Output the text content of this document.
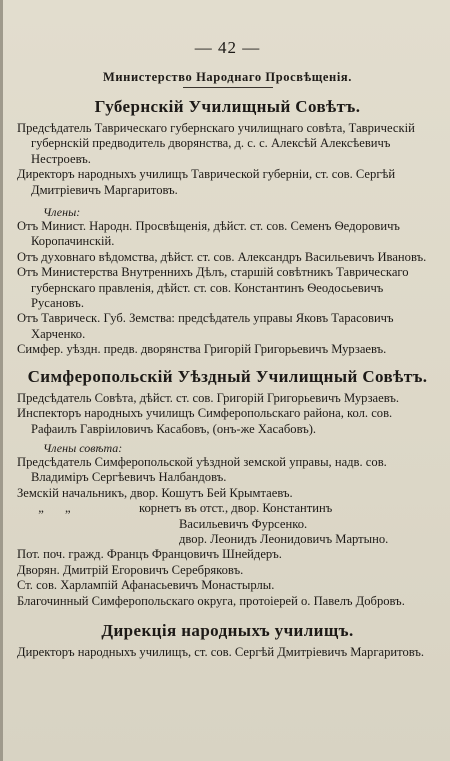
— 42 —
Министерство Народнаго Просвѣщенія.
Губернскій Училищный Совѣтъ.

Предсѣдатель Таврическаго губернскаго училищнаго совѣта, Таврическій губернскій предводитель дворянства, д. с. с. Алексѣй Алексѣевичъ Нестроевъ.

Директоръ народныхъ училищъ Таврической губерніи, ст. сов. Сергѣй Дмитріевичъ Маргаритовъ.

Члены:

Отъ Минист. Народн. Просвѣщенія, дѣйст. ст. сов. Семенъ Ѳедоровичъ Коропачинскій.

Отъ духовнаго вѣдомства, дѣйст. ст. сов. Александръ Васильевичъ Ивановъ.

Отъ Министерства Внутреннихъ Дѣлъ, старшій совѣтникъ Таврическаго губернскаго правленія, дѣйст. ст. сов. Константинъ Ѳеодосьевичъ Русановъ.

Отъ Таврическ. Губ. Земства: предсѣдатель управы Яковъ Тарасовичъ Харченко.

Симфер. уѣздн. предв. дворянства Григорій Григорьевичъ Мурзаевъ.

Симферопольскій Уѣздный Училищный Совѣтъ.

Предсѣдатель Совѣта, дѣйст. ст. сов. Григорій Григорьевичъ Мурзаевъ.

Инспекторъ народныхъ училищъ Симферопольскаго района, кол. сов. Рафаилъ Гавріиловичъ Касабовъ, (онъ-же Хасабовъ).

Члены совѣта:

Предсѣдатель Симферопольской уѣздной земской управы, надв. сов. Владиміръ Сергѣевичъ Налбандовъ.

Земскій начальникъ, двор. Кошутъ Бей Крымтаевъ.

„	„	корнетъ въ отст., двор. Константинъ

Васильевичъ Фурсенко.

двор. Леонидъ Леонидовичъ Мартыно.

Пот. поч. гражд. Францъ Францовичъ Шнейдеръ.

Дворян. Дмитрій Егоровичъ Серебряковъ.

Ст. сов. Харлампій Афанасьевичъ Монастырлы.

Благочинный Симферопольскаго округа, протоіерей о. Павелъ Добровъ.

Дирекція народныхъ училищъ.

Директоръ народныхъ училищъ, ст. сов. Сергѣй Дмитріевичъ Маргаритовъ.
